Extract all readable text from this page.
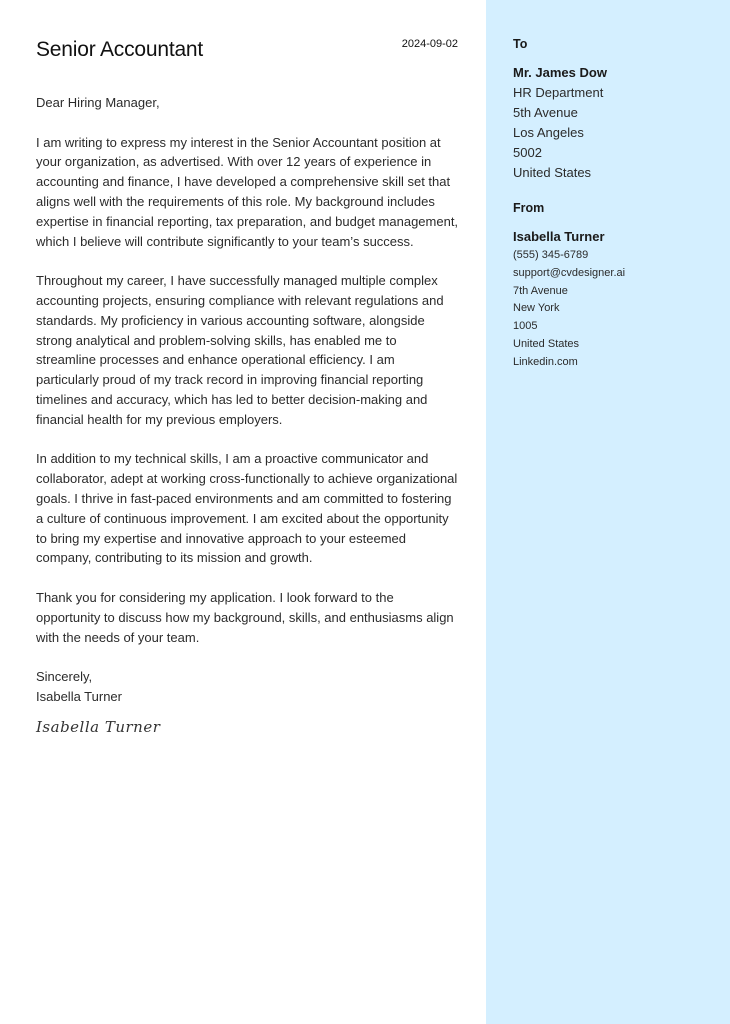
Senior Accountant	2024-09-02

Dear Hiring Manager,

I am writing to express my interest in the Senior Accountant position at your organization, as advertised. With over 12 years of experience in accounting and finance, I have developed a comprehensive skill set that aligns well with the requirements of this role. My background includes expertise in financial reporting, tax preparation, and budget management, which I believe will contribute significantly to your team’s success.

Throughout my career, I have successfully managed multiple complex accounting projects, ensuring compliance with relevant regulations and standards. My proficiency in various accounting software, alongside strong analytical and problem-solving skills, has enabled me to streamline processes and enhance operational efficiency. I am particularly proud of my track record in improving financial reporting timelines and accuracy, which has led to better decision-making and financial health for my previous employers.

In addition to my technical skills, I am a proactive communicator and collaborator, adept at working cross-functionally to achieve organizational goals. I thrive in fast-paced environments and am committed to fostering a culture of continuous improvement. I am excited about the opportunity to bring my expertise and innovative approach to your esteemed company, contributing to its mission and growth.

Thank you for considering my application. I look forward to the opportunity to discuss how my background, skills, and enthusiasms align with the needs of your team.

Sincerely,
Isabella Turner
Isabella Turner
To
Mr. James Dow
HR Department
5th Avenue
Los Angeles
5002
United States
From
Isabella Turner
(555) 345-6789
support@cvdesigner.ai
7th Avenue
New York
1005
United States
Linkedin.com
